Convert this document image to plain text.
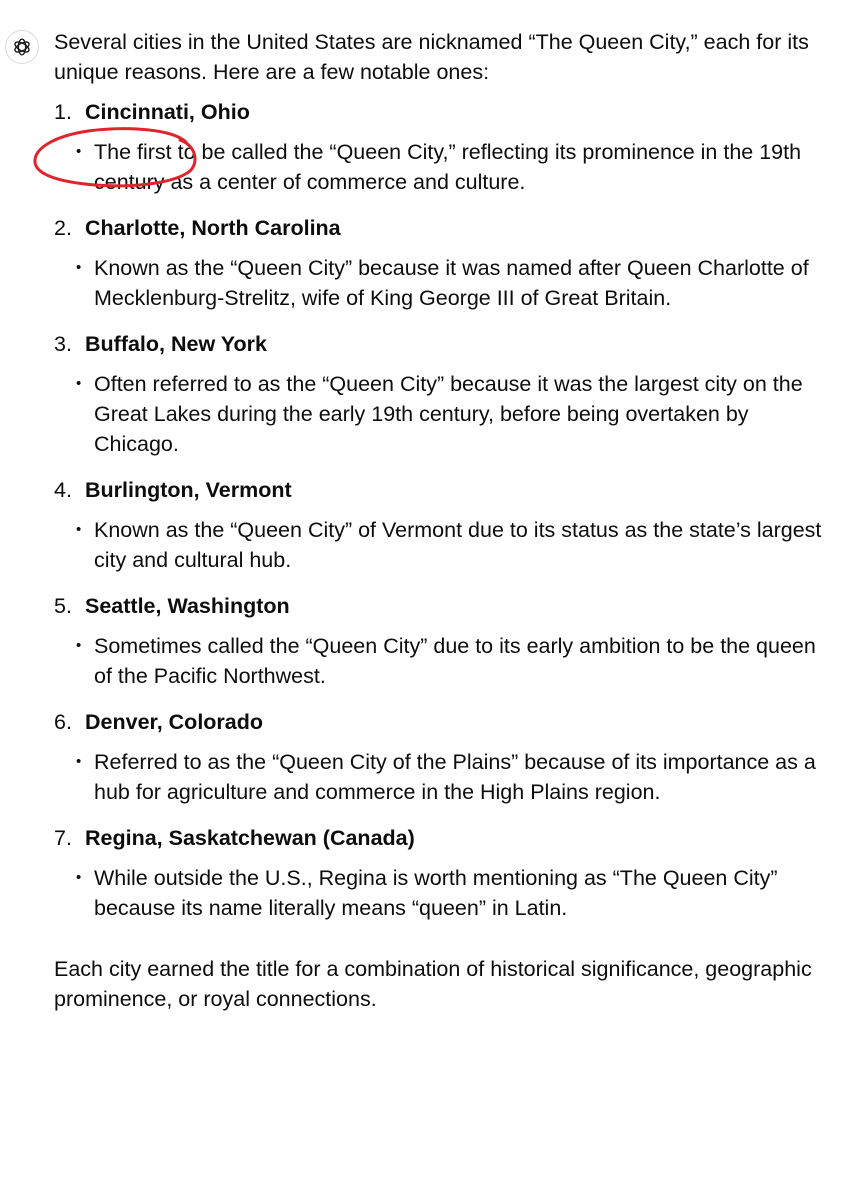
Several cities in the United States are nicknamed “The Queen City,” each for its unique reasons. Here are a few notable ones:

1. Cincinnati, Ohio
• The first to be called the “Queen City,” reflecting its prominence in the 19th century as a center of commerce and culture.
2. Charlotte, North Carolina
• Known as the “Queen City” because it was named after Queen Charlotte of Mecklenburg-Strelitz, wife of King George III of Great Britain.
3. Buffalo, New York
• Often referred to as the “Queen City” because it was the largest city on the Great Lakes during the early 19th century, before being overtaken by Chicago.
4. Burlington, Vermont
• Known as the “Queen City” of Vermont due to its status as the state’s largest city and cultural hub.
5. Seattle, Washington
• Sometimes called the “Queen City” due to its early ambition to be the queen of the Pacific Northwest.
6. Denver, Colorado
• Referred to as the “Queen City of the Plains” because of its importance as a hub for agriculture and commerce in the High Plains region.
7. Regina, Saskatchewan (Canada)
• While outside the U.S., Regina is worth mentioning as “The Queen City” because its name literally means “queen” in Latin.

Each city earned the title for a combination of historical significance, geographic prominence, or royal connections.
